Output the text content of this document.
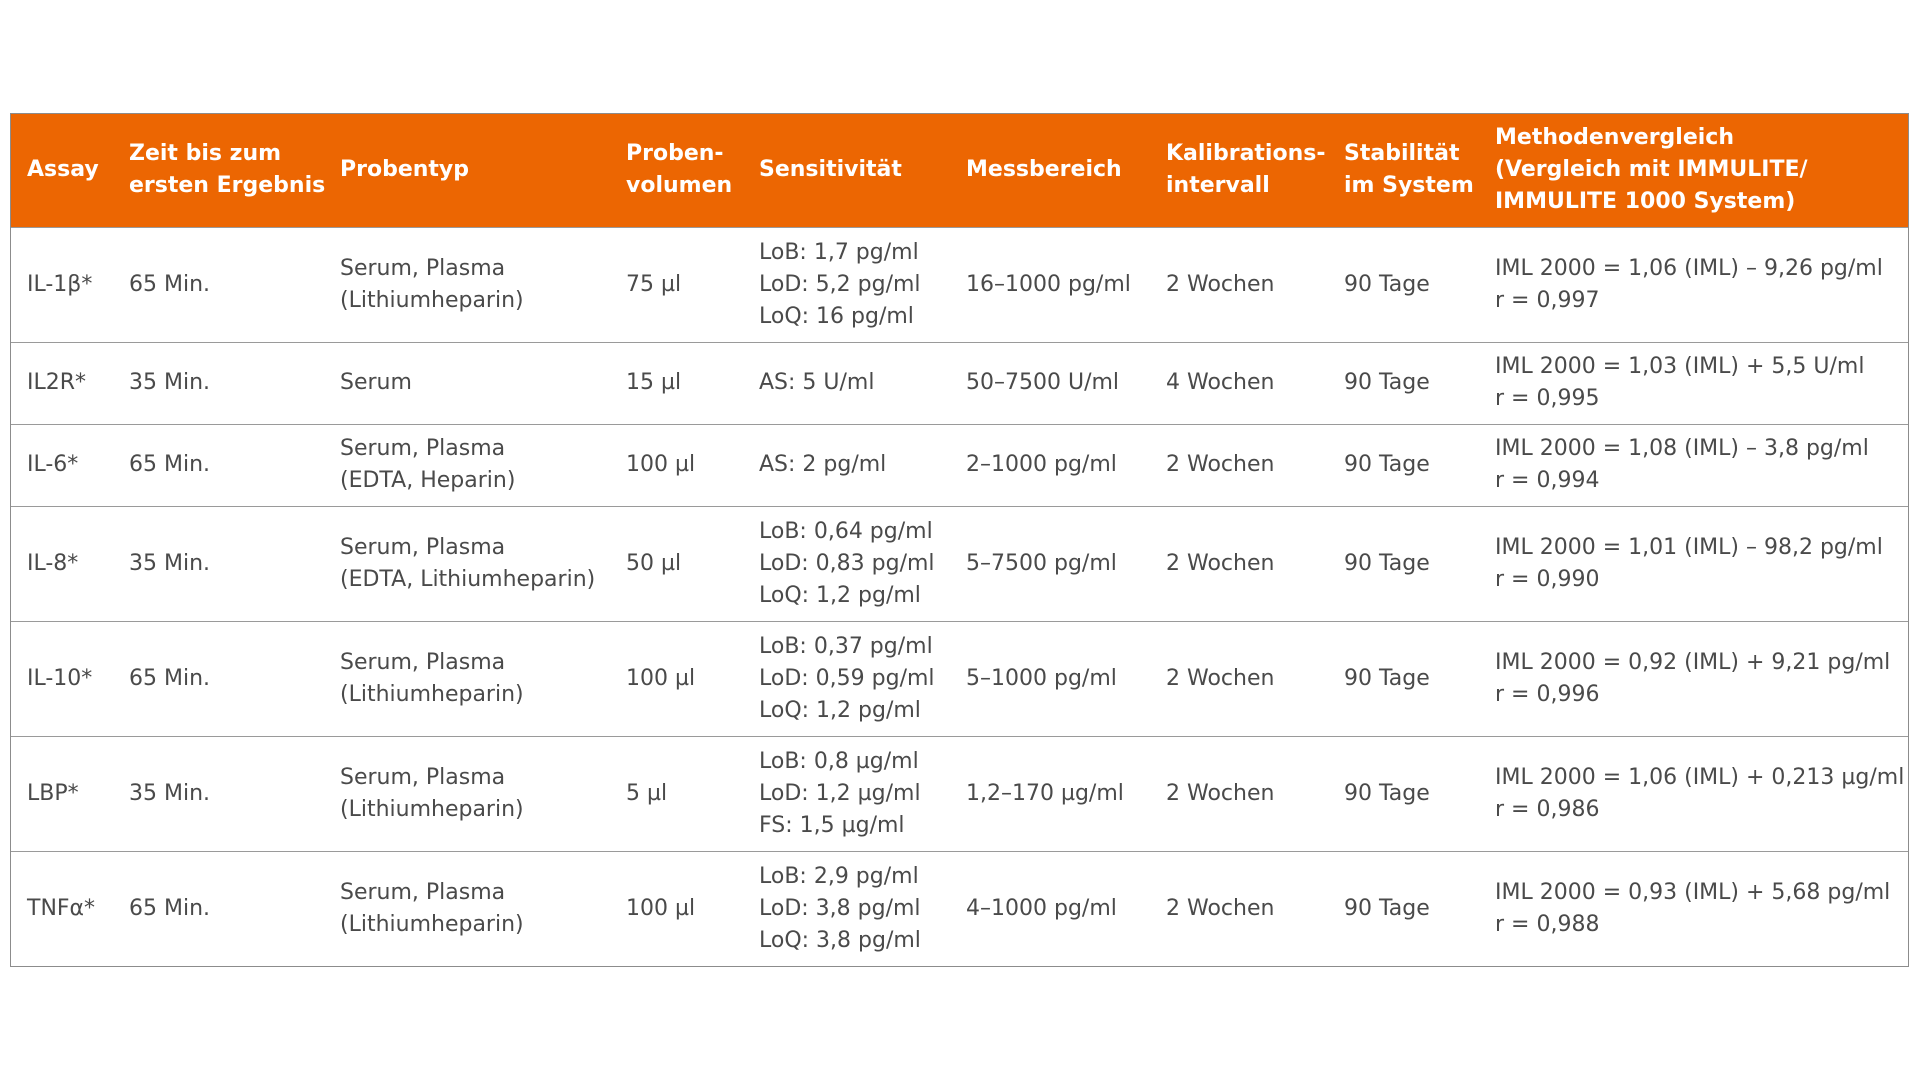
Assay	Zeit bis zum
ersten Ergebnis	Probentyp	Proben-
volumen	Sensitivität	Messbereich	Kalibrations-
intervall	Stabilität
im System	Methodenvergleich
(Vergleich mit IMMULITE/
IMMULITE 1000 System)

IL-1β*	65 Min.	Serum, Plasma
(Lithiumheparin)	75 µl	LoB: 1,7 pg/ml
LoD: 5,2 pg/ml
LoQ: 16 pg/ml	16–1000 pg/ml	2 Wochen	90 Tage	IML 2000 = 1,06 (IML) – 9,26 pg/ml
r = 0,997

IL2R*	35 Min.	Serum	15 µl	AS: 5 U/ml	50–7500 U/ml	4 Wochen	90 Tage	IML 2000 = 1,03 (IML) + 5,5 U/ml
r = 0,995

IL-6*	65 Min.	Serum, Plasma
(EDTA, Heparin)	100 µl	AS: 2 pg/ml	2–1000 pg/ml	2 Wochen	90 Tage	IML 2000 = 1,08 (IML) – 3,8 pg/ml
r = 0,994

IL-8*	35 Min.	Serum, Plasma
(EDTA, Lithiumheparin)	50 µl	LoB: 0,64 pg/ml
LoD: 0,83 pg/ml
LoQ: 1,2 pg/ml	5–7500 pg/ml	2 Wochen	90 Tage	IML 2000 = 1,01 (IML) – 98,2 pg/ml
r = 0,990

IL-10*	65 Min.	Serum, Plasma
(Lithiumheparin)	100 µl	LoB: 0,37 pg/ml
LoD: 0,59 pg/ml
LoQ: 1,2 pg/ml	5–1000 pg/ml	2 Wochen	90 Tage	IML 2000 = 0,92 (IML) + 9,21 pg/ml
r = 0,996

LBP*	35 Min.	Serum, Plasma
(Lithiumheparin)	5 µl	LoB: 0,8 µg/ml
LoD: 1,2 µg/ml
FS: 1,5 µg/ml	1,2–170 µg/ml	2 Wochen	90 Tage	IML 2000 = 1,06 (IML) + 0,213 µg/ml
r = 0,986

TNFα*	65 Min.	Serum, Plasma
(Lithiumheparin)	100 µl	LoB: 2,9 pg/ml
LoD: 3,8 pg/ml
LoQ: 3,8 pg/ml	4–1000 pg/ml	2 Wochen	90 Tage	IML 2000 = 0,93 (IML) + 5,68 pg/ml
r = 0,988
